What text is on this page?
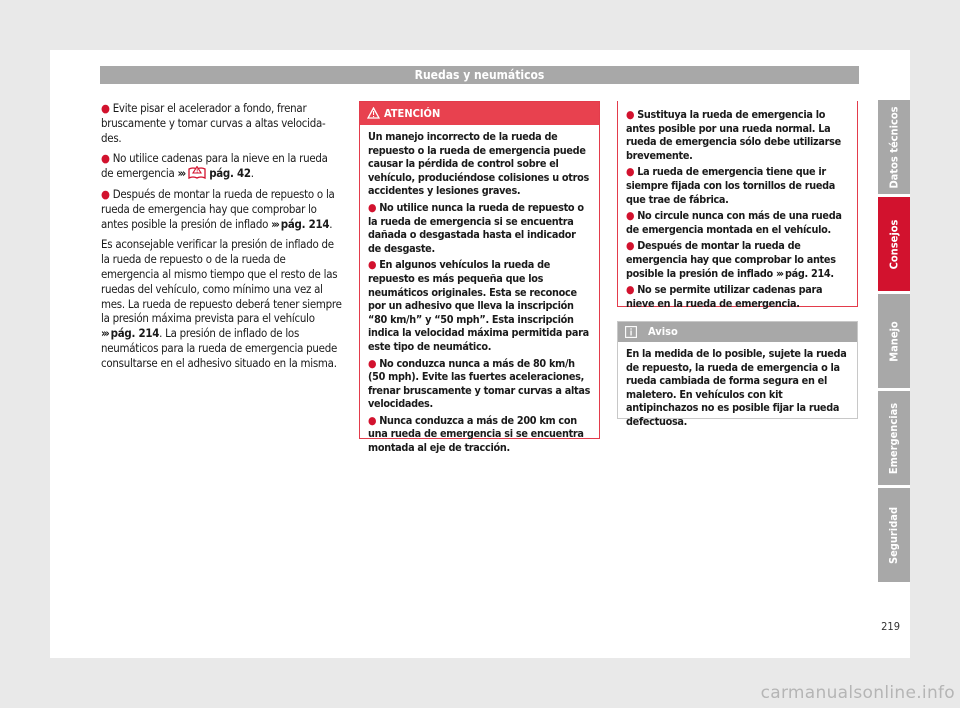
Ruedas y neumáticos

● Evite pisar el acelerador a fondo, frenar bruscamente y tomar curvas a altas velocidades.

● No utilice cadenas para la nieve en la rueda de emergencia ››› ! pág. 42.

● Después de montar la rueda de repuesto o la rueda de emergencia hay que comprobar lo antes posible la presión de inflado ››› pág. 214.

Es aconsejable verificar la presión de inflado de la rueda de repuesto o de la rueda de emergencia al mismo tiempo que el resto de las ruedas del vehículo, como mínimo una vez al mes. La rueda de repuesto deberá tener siempre la presión máxima prevista para el vehículo ››› pág. 214. La presión de inflado de los neumáticos para la rueda de emergencia puede consultarse en el adhesivo situado en la misma.

ATENCIÓN

Un manejo incorrecto de la rueda de repuesto o la rueda de emergencia puede causar la pérdida de control sobre el vehículo, produciéndose colisiones u otros accidentes y lesiones graves.

● No utilice nunca la rueda de repuesto o la rueda de emergencia si se encuentra dañada o desgastada hasta el indicador de desgaste.

● En algunos vehículos la rueda de repuesto es más pequeña que los neumáticos originales. Esta se reconoce por un adhesivo que lleva la inscripción “80 km/h” y “50 mph”. Esta inscripción indica la velocidad máxima permitida para este tipo de neumático.

● No conduzca nunca a más de 80 km/h (50 mph). Evite las fuertes aceleraciones, frenar bruscamente y tomar curvas a altas velocidades.

● Nunca conduzca a más de 200 km con una rueda de emergencia si se encuentra montada al eje de tracción.

● Sustituya la rueda de emergencia lo antes posible por una rueda normal. La rueda de emergencia sólo debe utilizarse brevemente.

● La rueda de emergencia tiene que ir siempre fijada con los tornillos de rueda que trae de fábrica.

● No circule nunca con más de una rueda de emergencia montada en el vehículo.

● Después de montar la rueda de emergencia hay que comprobar lo antes posible la presión de inflado ››› pág. 214.

● No se permite utilizar cadenas para nieve en la rueda de emergencia.

Aviso
En la medida de lo posible, sujete la rueda de repuesto, la rueda de emergencia o la rueda cambiada de forma segura en el maletero. En vehículos con kit antipinchazos no es posible fijar la rueda defectuosa.
Datos técnicos
Consejos
Manejo
Emergencias
Seguridad
219
carmanualsonline.info
